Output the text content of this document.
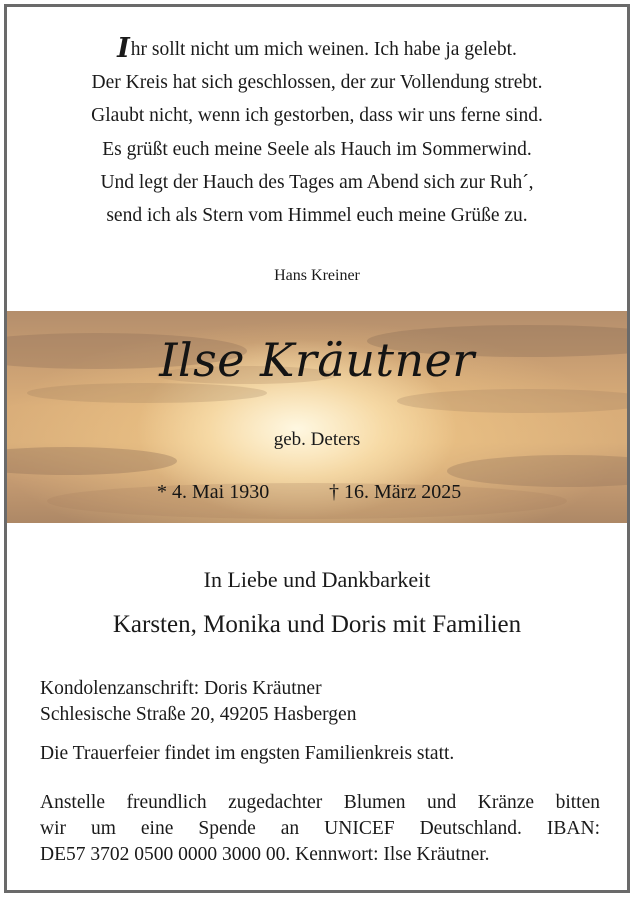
Ihr sollt nicht um mich weinen. Ich habe ja gelebt.
Der Kreis hat sich geschlossen, der zur Vollendung strebt.
Glaubt nicht, wenn ich gestorben, dass wir uns ferne sind.
Es grüßt euch meine Seele als Hauch im Sommerwind.
Und legt der Hauch des Tages am Abend sich zur Ruh´,
send ich als Stern vom Himmel euch meine Grüße zu.
Hans Kreiner
Ilse Kräutner
geb. Deters
* 4. Mai 1930	† 16. März 2025
In Liebe und Dankbarkeit
Karsten, Monika und Doris mit Familien
Kondolenzanschrift: Doris Kräutner
Schlesische Straße 20, 49205 Hasbergen
Die Trauerfeier findet im engsten Familienkreis statt.
Anstelle freundlich zugedachter Blumen und Kränze bitten
wir um eine Spende an UNICEF Deutschland. IBAN:
DE57 3702 0500 0000 3000 00. Kennwort: Ilse Kräutner.
